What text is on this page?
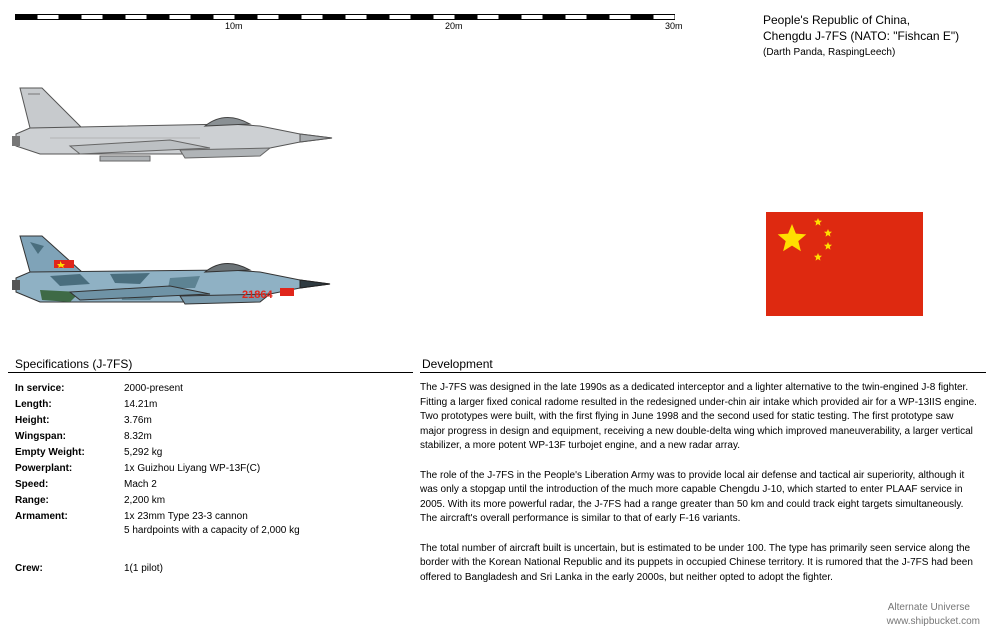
10m	20m	30m	People's Republic of China,
Chengdu J-7FS (NATO: "Fishcan E")
(Darth Panda, RaspingLeech)
21864
Specifications (J-7FS)	Development
In service:	2000-present
Length:	14.21m
Height:	3.76m
Wingspan:	8.32m
Empty Weight:	5,292 kg
Powerplant:	1x Guizhou Liyang WP-13F(C)
Speed:	Mach 2
Range:	2,200 km
Armament:	1x 23mm Type 23-3 cannon
5 hardpoints with a capacity of 2,000 kg
Crew:	1(1 pilot)

The J-7FS was designed in the late 1990s as a dedicated interceptor and a lighter alternative to the twin-engined J-8 fighter. Fitting a larger fixed conical radome resulted in the redesigned under-chin air intake which provided air for a WP-13IIS engine. Two prototypes were built, with the first flying in June 1998 and the second used for static testing. The first prototype saw major progress in design and equipment, receiving a new double-delta wing which improved maneuverability, a larger vertical stabilizer, a more potent WP-13F turbojet engine, and a new radar array.

The role of the J-7FS in the People's Liberation Army was to provide local air defense and tactical air superiority, although it was only a stopgap until the introduction of the much more capable Chengdu J-10, which started to enter PLAAF service in 2005. With its more powerful radar, the J-7FS had a range greater than 50 km and could track eight targets simultaneously. The aircraft's overall performance is similar to that of early F-16 variants.

The total number of aircraft built is uncertain, but is estimated to be under 100. The type has primarily seen service along the border with the Korean National Republic and its puppets in occupied Chinese territory. It is rumored that the J-7FS had been offered to Bangladesh and Sri Lanka in the early 2000s, but neither opted to adopt the fighter.

Alternate Universe
www.shipbucket.com
